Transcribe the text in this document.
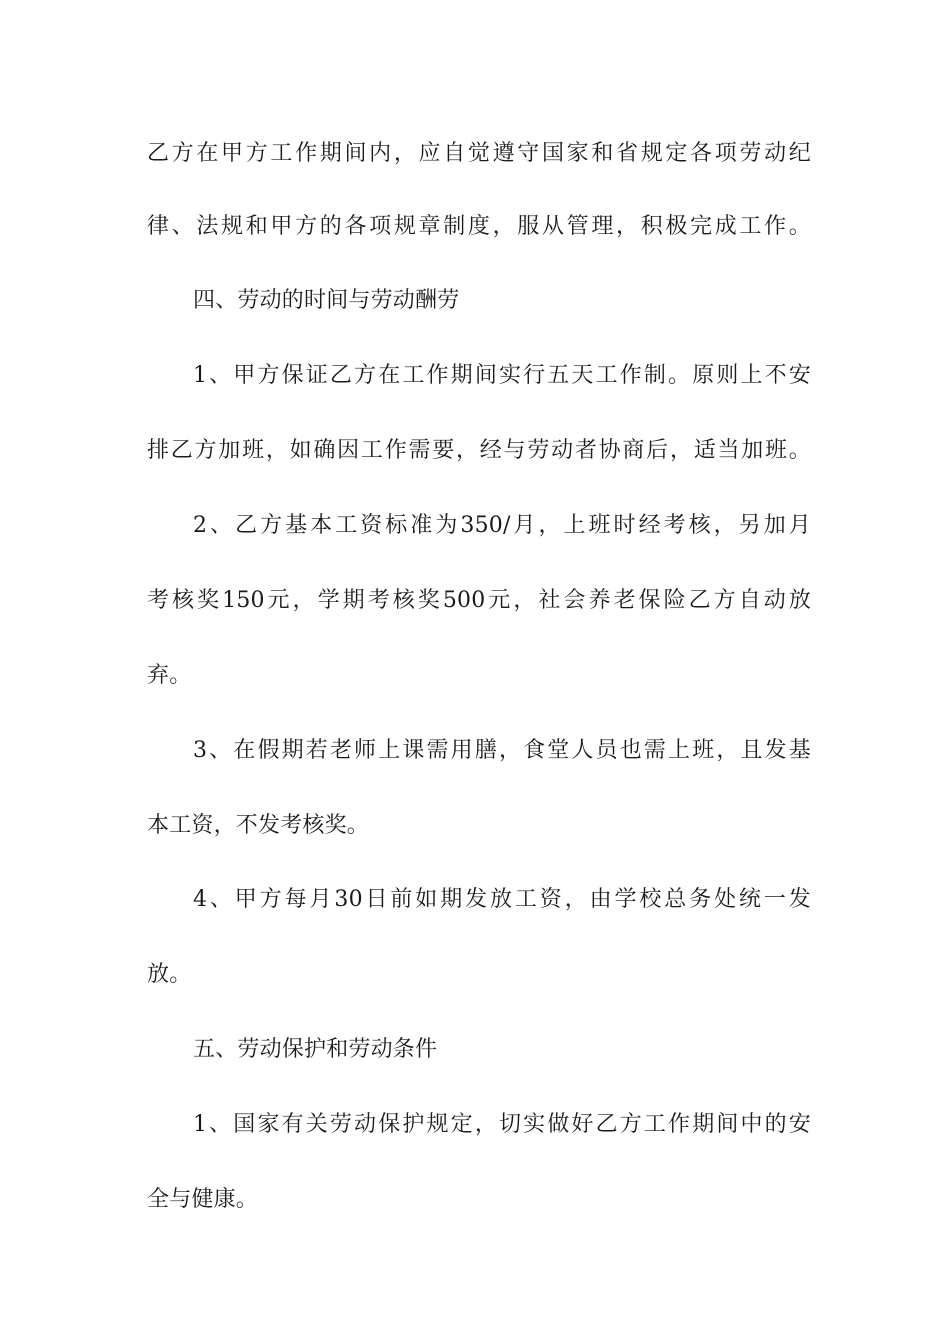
乙方在甲方工作期间内，应自觉遵守国家和省规定各项劳动纪
律、法规和甲方的各项规章制度，服从管理，积极完成工作。
四、劳动的时间与劳动酬劳
1、甲方保证乙方在工作期间实行五天工作制。原则上不安
排乙方加班，如确因工作需要，经与劳动者协商后，适当加班。
2、乙方基本工资标准为350/月，上班时经考核，另加月
考核奖150元，学期考核奖500元，社会养老保险乙方自动放
弃。
3、在假期若老师上课需用膳，食堂人员也需上班，且发基
本工资，不发考核奖。
4、甲方每月30日前如期发放工资，由学校总务处统一发
放。
五、劳动保护和劳动条件
1、国家有关劳动保护规定，切实做好乙方工作期间中的安
全与健康。
